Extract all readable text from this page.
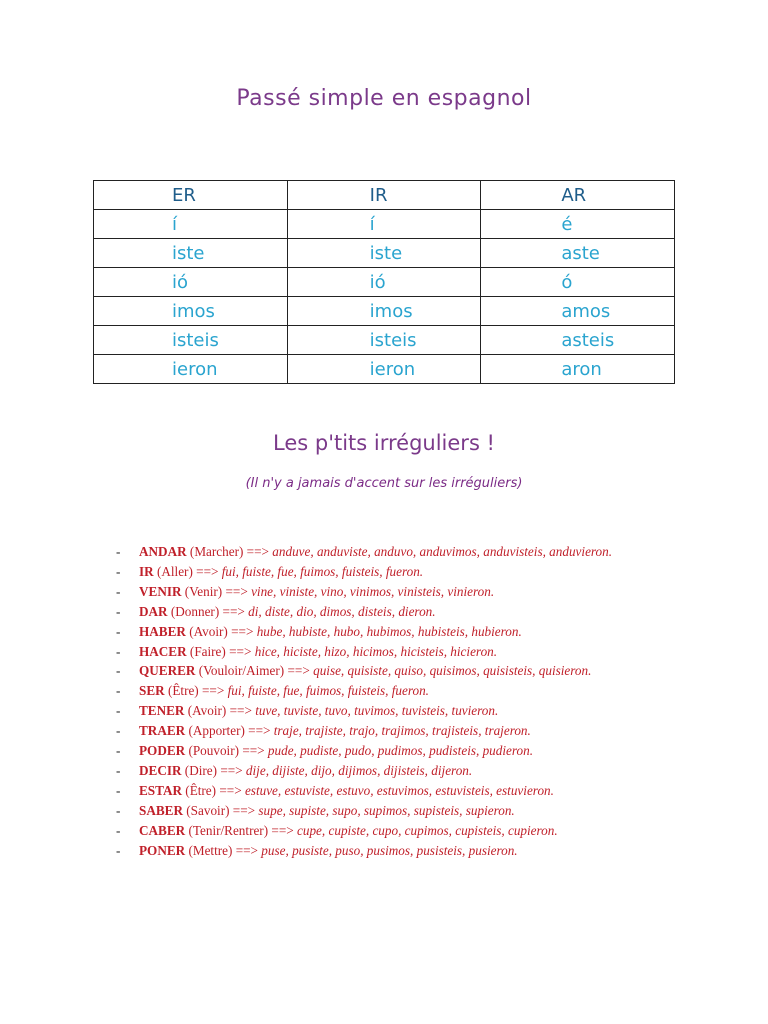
Passé simple en espagnol
ER	IR	AR
í	í	é
iste	iste	aste
ió	ió	ó
imos	imos	amos
isteis	isteis	asteis
ieron	ieron	aron
Les p'tits irréguliers !
(Il n'y a jamais d'accent sur les irréguliers)
- ANDAR (Marcher) ==> anduve, anduviste, anduvo, anduvimos, anduvisteis, anduvieron.
- IR (Aller) ==> fui, fuiste, fue, fuimos, fuisteis, fueron.
- VENIR (Venir) ==> vine, viniste, vino, vinimos, vinisteis, vinieron.
- DAR (Donner) ==> di, diste, dio, dimos, disteis, dieron.
- HABER (Avoir) ==> hube, hubiste, hubo, hubimos, hubisteis, hubieron.
- HACER (Faire) ==> hice, hiciste, hizo, hicimos, hicisteis, hicieron.
- QUERER (Vouloir/Aimer) ==> quise, quisiste, quiso, quisimos, quisisteis, quisieron.
- SER (Être) ==> fui, fuiste, fue, fuimos, fuisteis, fueron.
- TENER (Avoir) ==> tuve, tuviste, tuvo, tuvimos, tuvisteis, tuvieron.
- TRAER (Apporter) ==> traje, trajiste, trajo, trajimos, trajisteis, trajeron.
- PODER (Pouvoir) ==> pude, pudiste, pudo, pudimos, pudisteis, pudieron.
- DECIR (Dire) ==> dije, dijiste, dijo, dijimos, dijisteis, dijeron.
- ESTAR (Être) ==> estuve, estuviste, estuvo, estuvimos, estuvisteis, estuvieron.
- SABER (Savoir) ==> supe, supiste, supo, supimos, supisteis, supieron.
- CABER (Tenir/Rentrer) ==> cupe, cupiste, cupo, cupimos, cupisteis, cupieron.
- PONER (Mettre) ==> puse, pusiste, puso, pusimos, pusisteis, pusieron.
